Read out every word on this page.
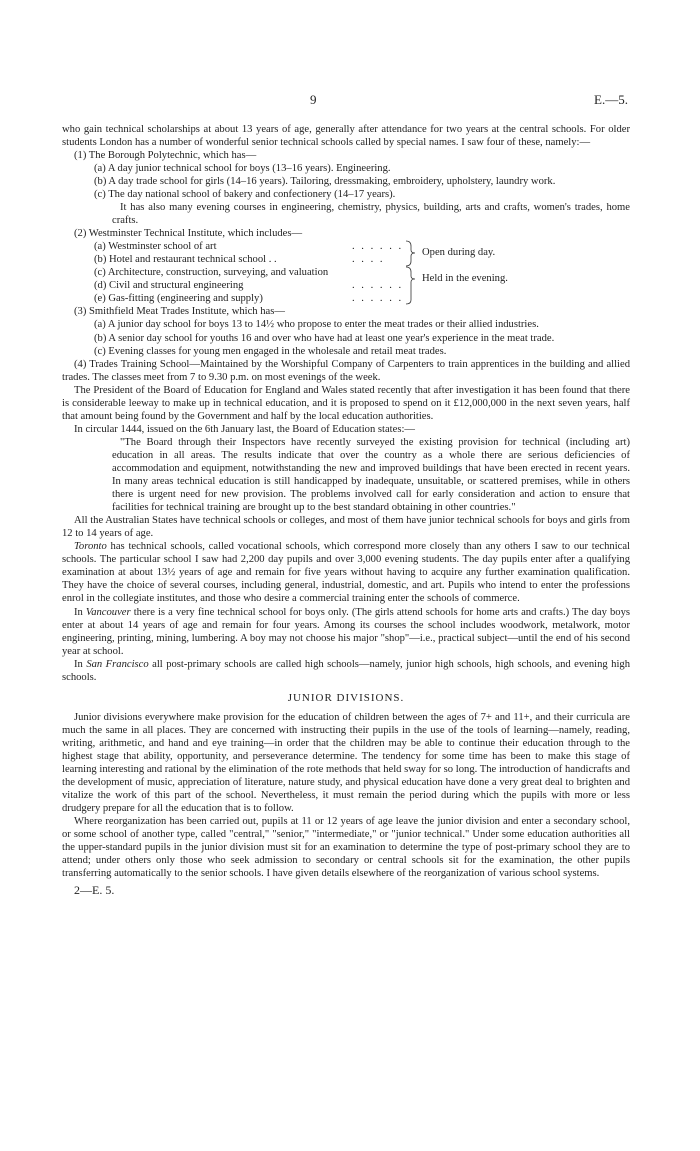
9	E.—5.

who gain technical scholarships at about 13 years of age, generally after attendance for two years at the central schools. For older students London has a number of wonderful senior technical schools called by special names. I saw four of these, namely:—

(1) The Borough Polytechnic, which has—

(a) A day junior technical school for boys (13–16 years). Engineering.

(b) A day trade school for girls (14–16 years). Tailoring, dressmaking, embroidery, upholstery, laundry work.

(c) The day national school of bakery and confectionery (14–17 years).

It has also many evening courses in engineering, chemistry, physics, building, arts and crafts, women's trades, home crafts.

(2) Westminster Technical Institute, which includes—

(a) Westminster school of art	. . . . . .
(b) Hotel and restaurant technical school . .	. . . .
(c) Architecture, construction, surveying, and valuation
(d) Civil and structural engineering	. . . . . .
(e) Gas-fitting (engineering and supply)	. . . . . .
Open during day.
Held in the evening.

(3) Smithfield Meat Trades Institute, which has—

(a) A junior day school for boys 13 to 14½ who propose to enter the meat trades or their allied industries.

(b) A senior day school for youths 16 and over who have had at least one year's experience in the meat trade.

(c) Evening classes for young men engaged in the wholesale and retail meat trades.

(4) Trades Training School—Maintained by the Worshipful Company of Carpenters to train apprentices in the building and allied trades. The classes meet from 7 to 9.30 p.m. on most evenings of the week.

The President of the Board of Education for England and Wales stated recently that after investigation it has been found that there is considerable leeway to make up in technical education, and it is proposed to spend on it £12,000,000 in the next seven years, half that amount being found by the Government and half by the local education authorities.

In circular 1444, issued on the 6th January last, the Board of Education states:—

"The Board through their Inspectors have recently surveyed the existing provision for technical (including art) education in all areas. The results indicate that over the country as a whole there are serious deficiencies of accommodation and equipment, notwithstanding the new and improved buildings that have been erected in recent years. In many areas technical education is still handicapped by inadequate, unsuitable, or scattered premises, while in others there is urgent need for new provision. The problems involved call for early consideration and action to ensure that facilities for technical training are brought up to the best standard obtaining in other countries."

All the Australian States have technical schools or colleges, and most of them have junior technical schools for boys and girls from 12 to 14 years of age.

Toronto has technical schools, called vocational schools, which correspond more closely than any others I saw to our technical schools. The particular school I saw had 2,200 day pupils and over 3,000 evening students. The day pupils enter after a qualifying examination at about 13½ years of age and remain for five years without having to acquire any further examination qualification. They have the choice of several courses, including general, industrial, domestic, and art. Pupils who intend to enter the professions enrol in the collegiate institutes, and those who desire a commercial training enter the schools of commerce.

In Vancouver there is a very fine technical school for boys only. (The girls attend schools for home arts and crafts.) The day boys enter at about 14 years of age and remain for four years. Among its courses the school includes woodwork, metalwork, motor engineering, printing, mining, lumbering. A boy may not choose his major "shop"—i.e., practical subject—until the end of his second year at school.

In San Francisco all post-primary schools are called high schools—namely, junior high schools, high schools, and evening high schools.

JUNIOR DIVISIONS.

Junior divisions everywhere make provision for the education of children between the ages of 7+ and 11+, and their curricula are much the same in all places. They are concerned with instructing their pupils in the use of the tools of learning—namely, reading, writing, arithmetic, and hand and eye training—in order that the children may be able to continue their education through to the highest stage that ability, opportunity, and perseverance determine. The tendency for some time has been to make this stage of learning interesting and rational by the elimination of the rote methods that held sway for so long. The introduction of handicrafts and the development of music, appreciation of literature, nature study, and physical education have done a very great deal to brighten and vitalize the work of this part of the school. Nevertheless, it must remain the period during which the pupils with more or less drudgery prepare for all the education that is to follow.

Where reorganization has been carried out, pupils at 11 or 12 years of age leave the junior division and enter a secondary school, or some school of another type, called "central," "senior," "intermediate," or "junior technical." Under some education authorities all the upper-standard pupils in the junior division must sit for an examination to determine the type of post-primary school they are to attend; under others only those who seek admission to secondary or central schools sit for the examination, the other pupils transferring automatically to the senior schools. I have given details elsewhere of the reorganization of various school systems.

2—E. 5.
